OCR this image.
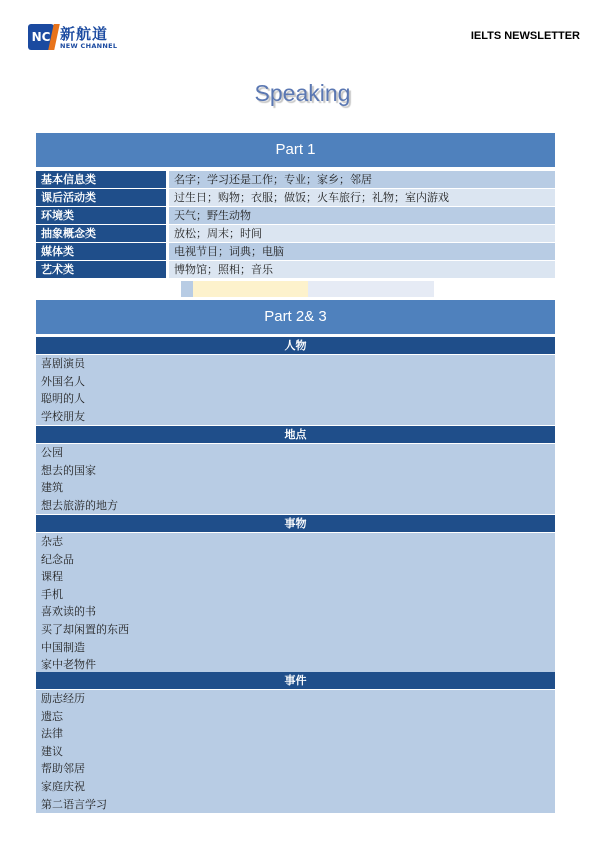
NC 新航道
NEW CHANNEL
IELTS NEWSLETTER
Speaking
Part 1
基本信息类	名字；学习还是工作；专业；家乡；邻居
课后活动类	过生日；购物；衣服；做饭；火车旅行；礼物；室内游戏
环境类	天气；野生动物
抽象概念类	放松；周末；时间
媒体类	电视节目；词典；电脑
艺术类	博物馆；照相；音乐
Part 2& 3
人物
喜剧演员
外国名人
聪明的人
学校朋友
地点
公园
想去的国家
建筑
想去旅游的地方
事物
杂志
纪念品
课程
手机
喜欢读的书
买了却闲置的东西
中国制造
家中老物件
事件
励志经历
遗忘
法律
建议
帮助邻居
家庭庆祝
第二语言学习
